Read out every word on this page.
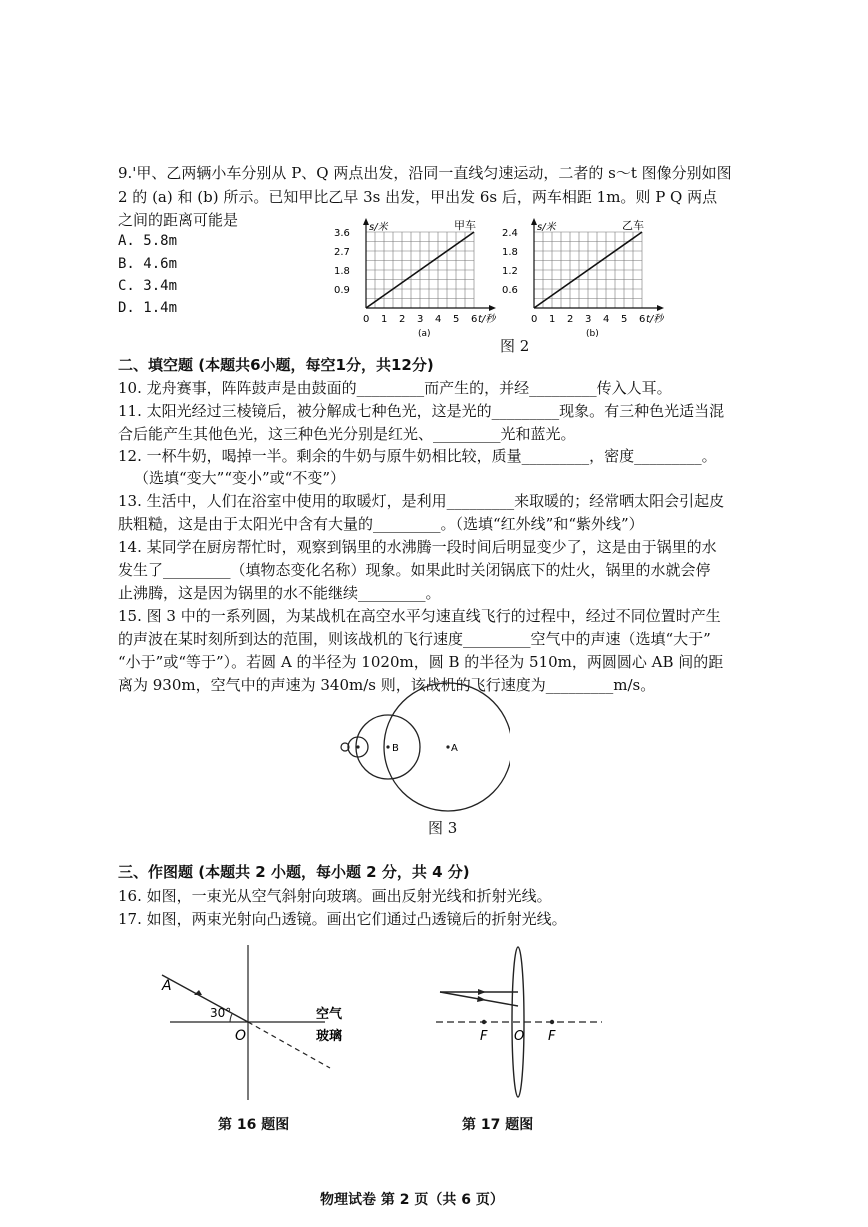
9.'甲、乙两辆小车分别从 P、Q 两点出发，沿同一直线匀速运动，二者的 s～t 图像分别如图
2 的 (a) 和 (b) 所示。已知甲比乙早 3s 出发，甲出发 6s 后，两车相距 1m。则 P Q 两点
之间的距离可能是
A. 5.8m
B. 4.6m
C. 3.4m
D. 1.4m
0 1 2 3 4 5 6
0.9
1.8
2.7
3.6
s/米
t/秒
甲车
(a)
0 1 2 3 4 5 6
0.6
1.2
1.8
2.4
s/米
t/秒
乙车
(b)
图 2
二、填空题 (本题共6小题，每空1分，共12分)
10. 龙舟赛事，阵阵鼓声是由鼓面的_________而产生的，并经_________传入人耳。
11. 太阳光经过三棱镜后，被分解成七种色光，这是光的_________现象。有三种色光适当混
合后能产生其他色光，这三种色光分别是红光、_________光和蓝光。
12. 一杯牛奶，喝掉一半。剩余的牛奶与原牛奶相比较，质量_________，密度_________。
（选填“变大”“变小”或“不变”）
13. 生活中，人们在浴室中使用的取暖灯，是利用_________来取暖的；经常晒太阳会引起皮
肤粗糙，这是由于太阳光中含有大量的_________。（选填“红外线”和“紫外线”）
14. 某同学在厨房帮忙时，观察到锅里的水沸腾一段时间后明显变少了，这是由于锅里的水
发生了_________（填物态变化名称）现象。如果此时关闭锅底下的灶火，锅里的水就会停
止沸腾，这是因为锅里的水不能继续_________。
15. 图 3 中的一系列圆，为某战机在高空水平匀速直线飞行的过程中，经过不同位置时产生
的声波在某时刻所到达的范围，则该战机的飞行速度_________空气中的声速（选填“大于”
“小于”或“等于”）。若圆 A 的半径为 1020m，圆 B 的半径为 510m，两圆圆心 AB 间的距
离为 930m，空气中的声速为 340m/s 则，该战机的飞行速度为_________m/s。
B	A
图 3
三、作图题 (本题共 2 小题，每小题 2 分，共 4 分)
16. 如图，一束光从空气斜射向玻璃。画出反射光线和折射光线。
17. 如图，两束光射向凸透镜。画出它们通过凸透镜后的折射光线。
A
30°
O
空气
玻璃
第 16 题图
F O F
第 17 题图
物理试卷 第 2 页（共 6 页）
